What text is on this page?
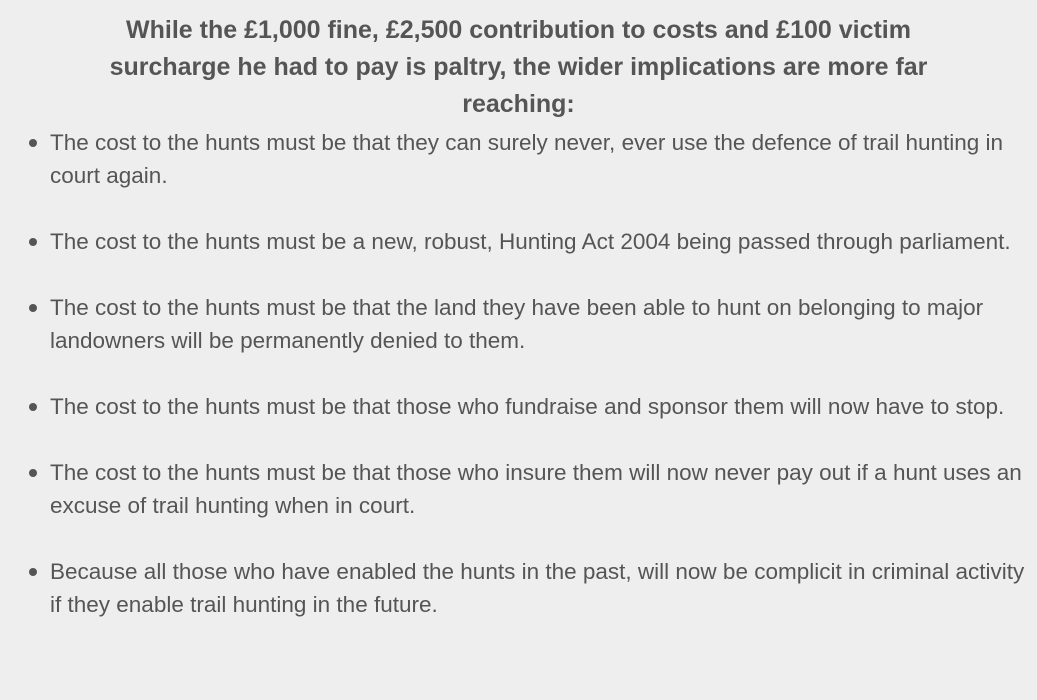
While the £1,000 fine, £2,500 contribution to costs and £100 victim surcharge he had to pay is paltry, the wider implications are more far reaching:

The cost to the hunts must be that they can surely never, ever use the defence of trail hunting in court again.
The cost to the hunts must be a new, robust, Hunting Act 2004 being passed through parliament.
The cost to the hunts must be that the land they have been able to hunt on belonging to major landowners will be permanently denied to them.
The cost to the hunts must be that those who fundraise and sponsor them will now have to stop.
The cost to the hunts must be that those who insure them will now never pay out if a hunt uses an excuse of trail hunting when in court.
Because all those who have enabled the hunts in the past, will now be complicit in criminal activity if they enable trail hunting in the future.
